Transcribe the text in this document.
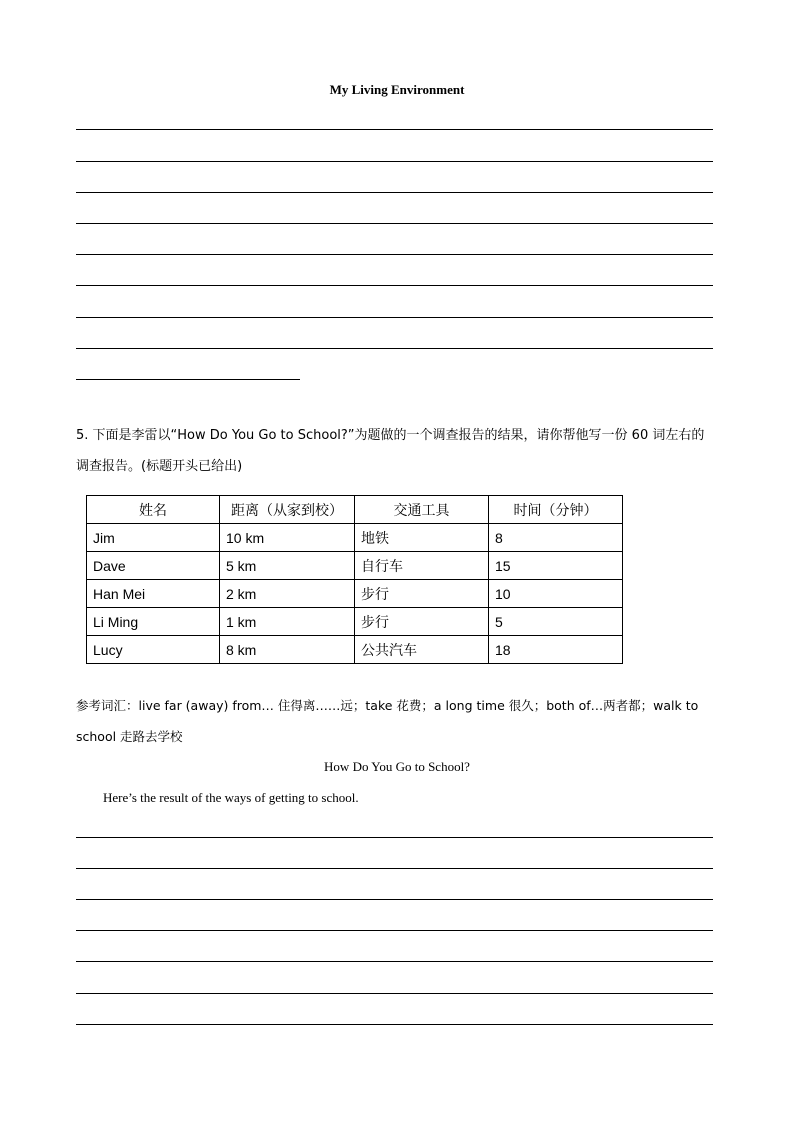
My Living Environment
5. 下面是李雷以“How Do You Go to School?”为题做的一个调查报告的结果，请你帮他写一份 60 词左右的
调查报告。(标题开头已给出)
姓名	距离（从家到校）	交通工具	时间（分钟）
Jim	10 km	地铁	8
Dave	5 km	自行车	15
Han Mei	2 km	步行	10
Li Ming	1 km	步行	5
Lucy	8 km	公共汽车	18
参考词汇：live far (away) from… 住得离……远；take 花费；a long time 很久；both of…两者都；walk to
school 走路去学校
How Do You Go to School?
Here’s the result of the ways of getting to school.
